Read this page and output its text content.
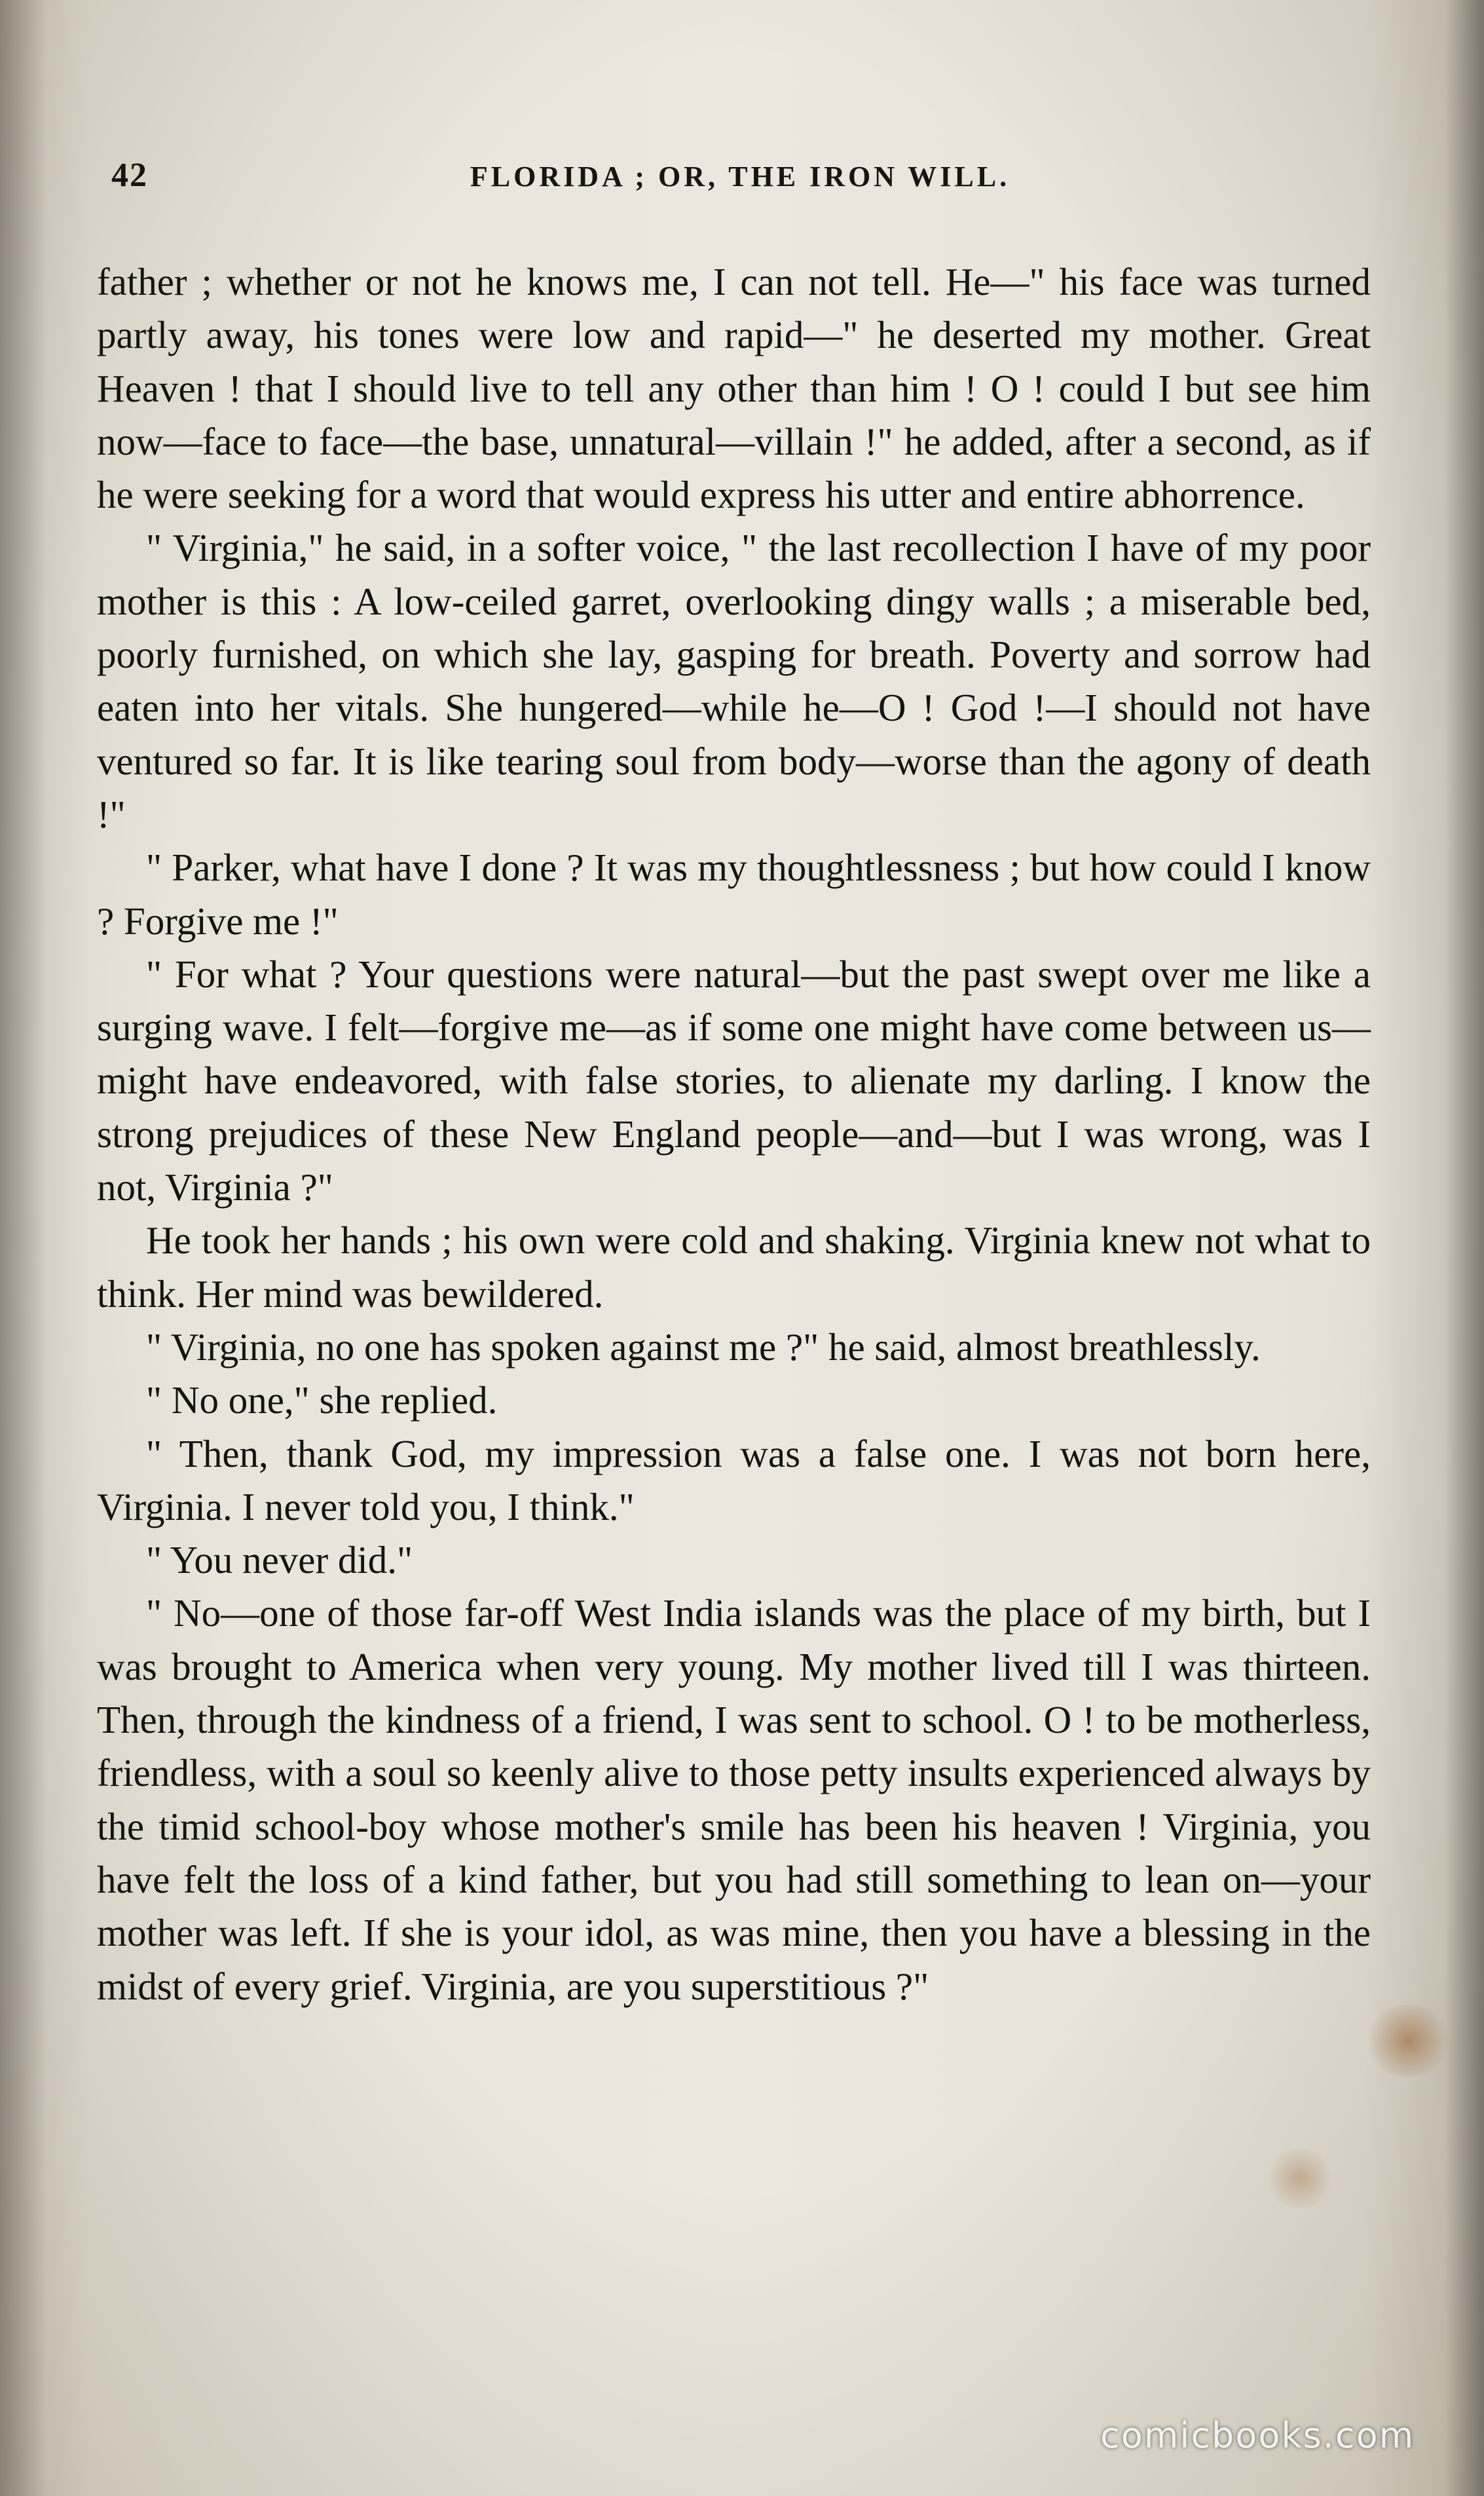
42	FLORIDA ; OR, THE IRON WILL.

father ; whether or not he knows me, I can not tell. He—" his face was turned partly away, his tones were low and rapid—" he deserted my mother. Great Heaven ! that I should live to tell any other than him ! O ! could I but see him now—face to face—the base, unnatural—villain !" he added, after a second, as if he were seeking for a word that would express his utter and entire abhorrence.

" Virginia," he said, in a softer voice, " the last recollection I have of my poor mother is this : A low-ceiled garret, overlooking dingy walls ; a miserable bed, poorly furnished, on which she lay, gasping for breath. Poverty and sorrow had eaten into her vitals. She hungered—while he—O ! God !—I should not have ventured so far. It is like tearing soul from body—worse than the agony of death !"

" Parker, what have I done ? It was my thoughtlessness ; but how could I know ? Forgive me !"

" For what ? Your questions were natural—but the past swept over me like a surging wave. I felt—forgive me—as if some one might have come between us—might have endeavored, with false stories, to alienate my darling. I know the strong prejudices of these New England people—and—but I was wrong, was I not, Virginia ?"

He took her hands ; his own were cold and shaking. Virginia knew not what to think. Her mind was bewildered.

" Virginia, no one has spoken against me ?" he said, almost breathlessly.

" No one," she replied.

" Then, thank God, my impression was a false one. I was not born here, Virginia. I never told you, I think."

" You never did."

" No—one of those far-off West India islands was the place of my birth, but I was brought to America when very young. My mother lived till I was thirteen. Then, through the kindness of a friend, I was sent to school. O ! to be motherless, friendless, with a soul so keenly alive to those petty insults experienced always by the timid school-boy whose mother's smile has been his heaven ! Virginia, you have felt the loss of a kind father, but you had still something to lean on—your mother was left. If she is your idol, as was mine, then you have a blessing in the midst of every grief. Virginia, are you superstitious ?"

comicbooks.com
